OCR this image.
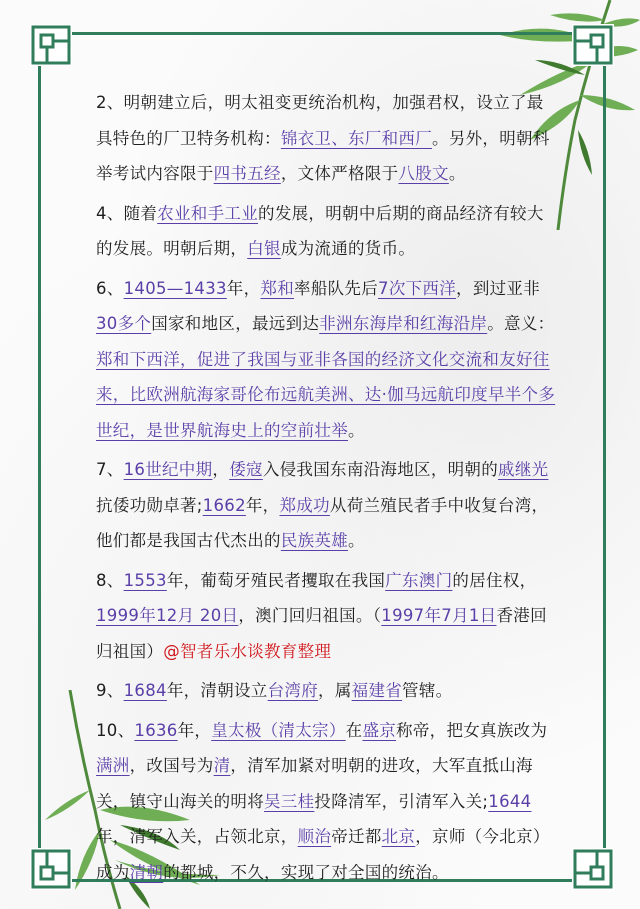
2、明朝建立后，明太祖变更统治机构，加强君权，设立了最具特色的厂卫特务机构：锦衣卫、东厂和西厂。另外，明朝科举考试内容限于四书五经，文体严格限于八股文。

4、随着农业和手工业的发展，明朝中后期的商品经济有较大的发展。明朝后期，白银成为流通的货币。

6、1405—1433年，郑和率船队先后7次下西洋，到过亚非30多个国家和地区，最远到达非洲东海岸和红海沿岸。意义：郑和下西洋，促进了我国与亚非各国的经济文化交流和友好往来，比欧洲航海家哥伦布远航美洲、达·伽马远航印度早半个多世纪，是世界航海史上的空前壮举。

7、16世纪中期，倭寇入侵我国东南沿海地区，明朝的戚继光抗倭功勋卓著;1662年，郑成功从荷兰殖民者手中收复台湾，他们都是我国古代杰出的民族英雄。

8、1553年，葡萄牙殖民者攫取在我国广东澳门的居住权，1999年12月 20日，澳门回归祖国。（1997年7月1日香港回归祖国）@智者乐水谈教育整理

9、1684年，清朝设立台湾府，属福建省管辖。

10、1636年，皇太极（清太宗）在盛京称帝，把女真族改为满洲，改国号为清，清军加紧对明朝的进攻，大军直抵山海关，镇守山海关的明将吴三桂投降清军，引清军入关;1644年，清军入关，占领北京，顺治帝迁都北京，京师（今北京）成为清朝的都城，不久，实现了对全国的统治。
